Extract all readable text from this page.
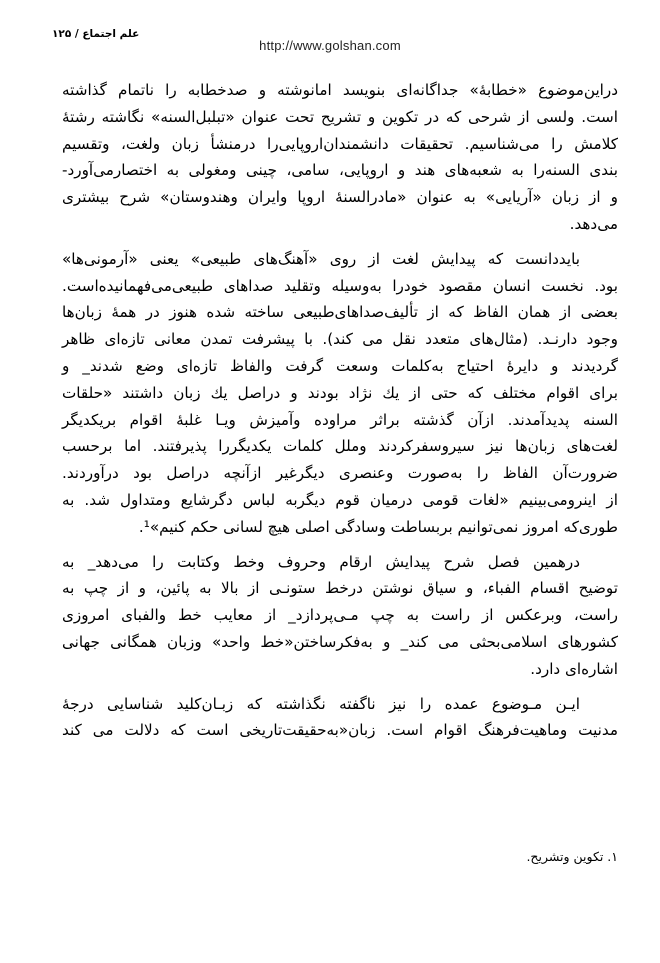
علم اجتماع / ۱۲۵
http://www.golshan.com
دراین‌موضوع «خطابهٔ» جداگانه‌ای بنویسد امانوشته و صدخطابه را ناتمام گذاشته
است. ولسی از شرحی که در تکوین و تشریح تحت عنوان «تبلبل‌السنه» نگاشته رشتهٔ
کلامش را می‌شناسیم. تحقیقات دانشمندان‌اروپایی‌را درمنشأ زبان ولغت، وتقسیم‌
بندی السنه‌را به شعبه‌های هند و اروپایی، سامی، چینی ومغولی به اختصارمی‌آورد-
و از زبان «آریایی» به عنوان «مادرالسنهٔ اروپا وایران وهندوستان» شرح بیشتری
می‌دهد.
بایددانست که پیدایش لغت از روی «آهنگ‌های طبیعی» یعنی «آرمونی‌ها»
بود. نخست انسان مقصود خودرا به‌وسیله وتقلید صداهای طبیعی‌می‌فهمانیده‌است.
بعضی از همان الفاظ که از تألیف‌صداهای‌طبیعی ساخته شده هنوز در همهٔ زبان‌ها
وجود دارنـد. (مثال‌های متعدد نقل می کند). با پیشرفت تمدن معانی تازه‌ای ظاهر
گردیدند و دایرهٔ احتیاج به‌کلمات وسعت گرفت والفاظ تازه‌ای وضع شدند_ و
برای اقوام مختلف که حتی از یك نژاد بودند و دراصل یك زبان داشتند «حلقات‌
السنه پدیدآمدند. ازآن گذشته براثر مراوده وآمیزش ویـا غلبهٔ اقوام بریکدیگر
لغت‌های زبان‌ها نیز سیروسفرکردند وملل کلمات یکدیگررا پذیرفتند. اما برحسب
ضرورت‌آن الفاظ را به‌صورت وعنصری دیگرغیر ازآنچه دراصل بود درآوردند.
از اینرومی‌بینیم «لغات قومی درمیان قوم دیگربه لباس دگرشایع ومتداول شد. به
طوری‌که امروز نمی‌توانیم بربساطت وسادگی اصلی هیچ لسانی حکم کنیم»¹.
درهمین فصل شرح پیدایش ارقام وحروف وخط وکتابت را می‌دهد_ به
توضیح اقسام الفباء، و سیاق نوشتن درخط ستونـی از بالا به پائین، و از چپ به
راست، وبرعکس از راست به چپ مـی‌پردازد_ از معایب خط والفبای امروزی
کشورهای اسلامی‌بحثی می کند_ و به‌فکرساختن«خط واحد» وزبان همگانی جهانی
اشاره‌ای دارد.
ایـن مـوضوع عمده را نیز ناگفته نگذاشته که زبـان‌کلید شناسایی درجهٔ
مدنیت وماهیت‌فرهنگ اقوام است. زبان«به‌حقیقت‌تاریخی است که دلالت می کند
۱. تکوین وتشریح.
